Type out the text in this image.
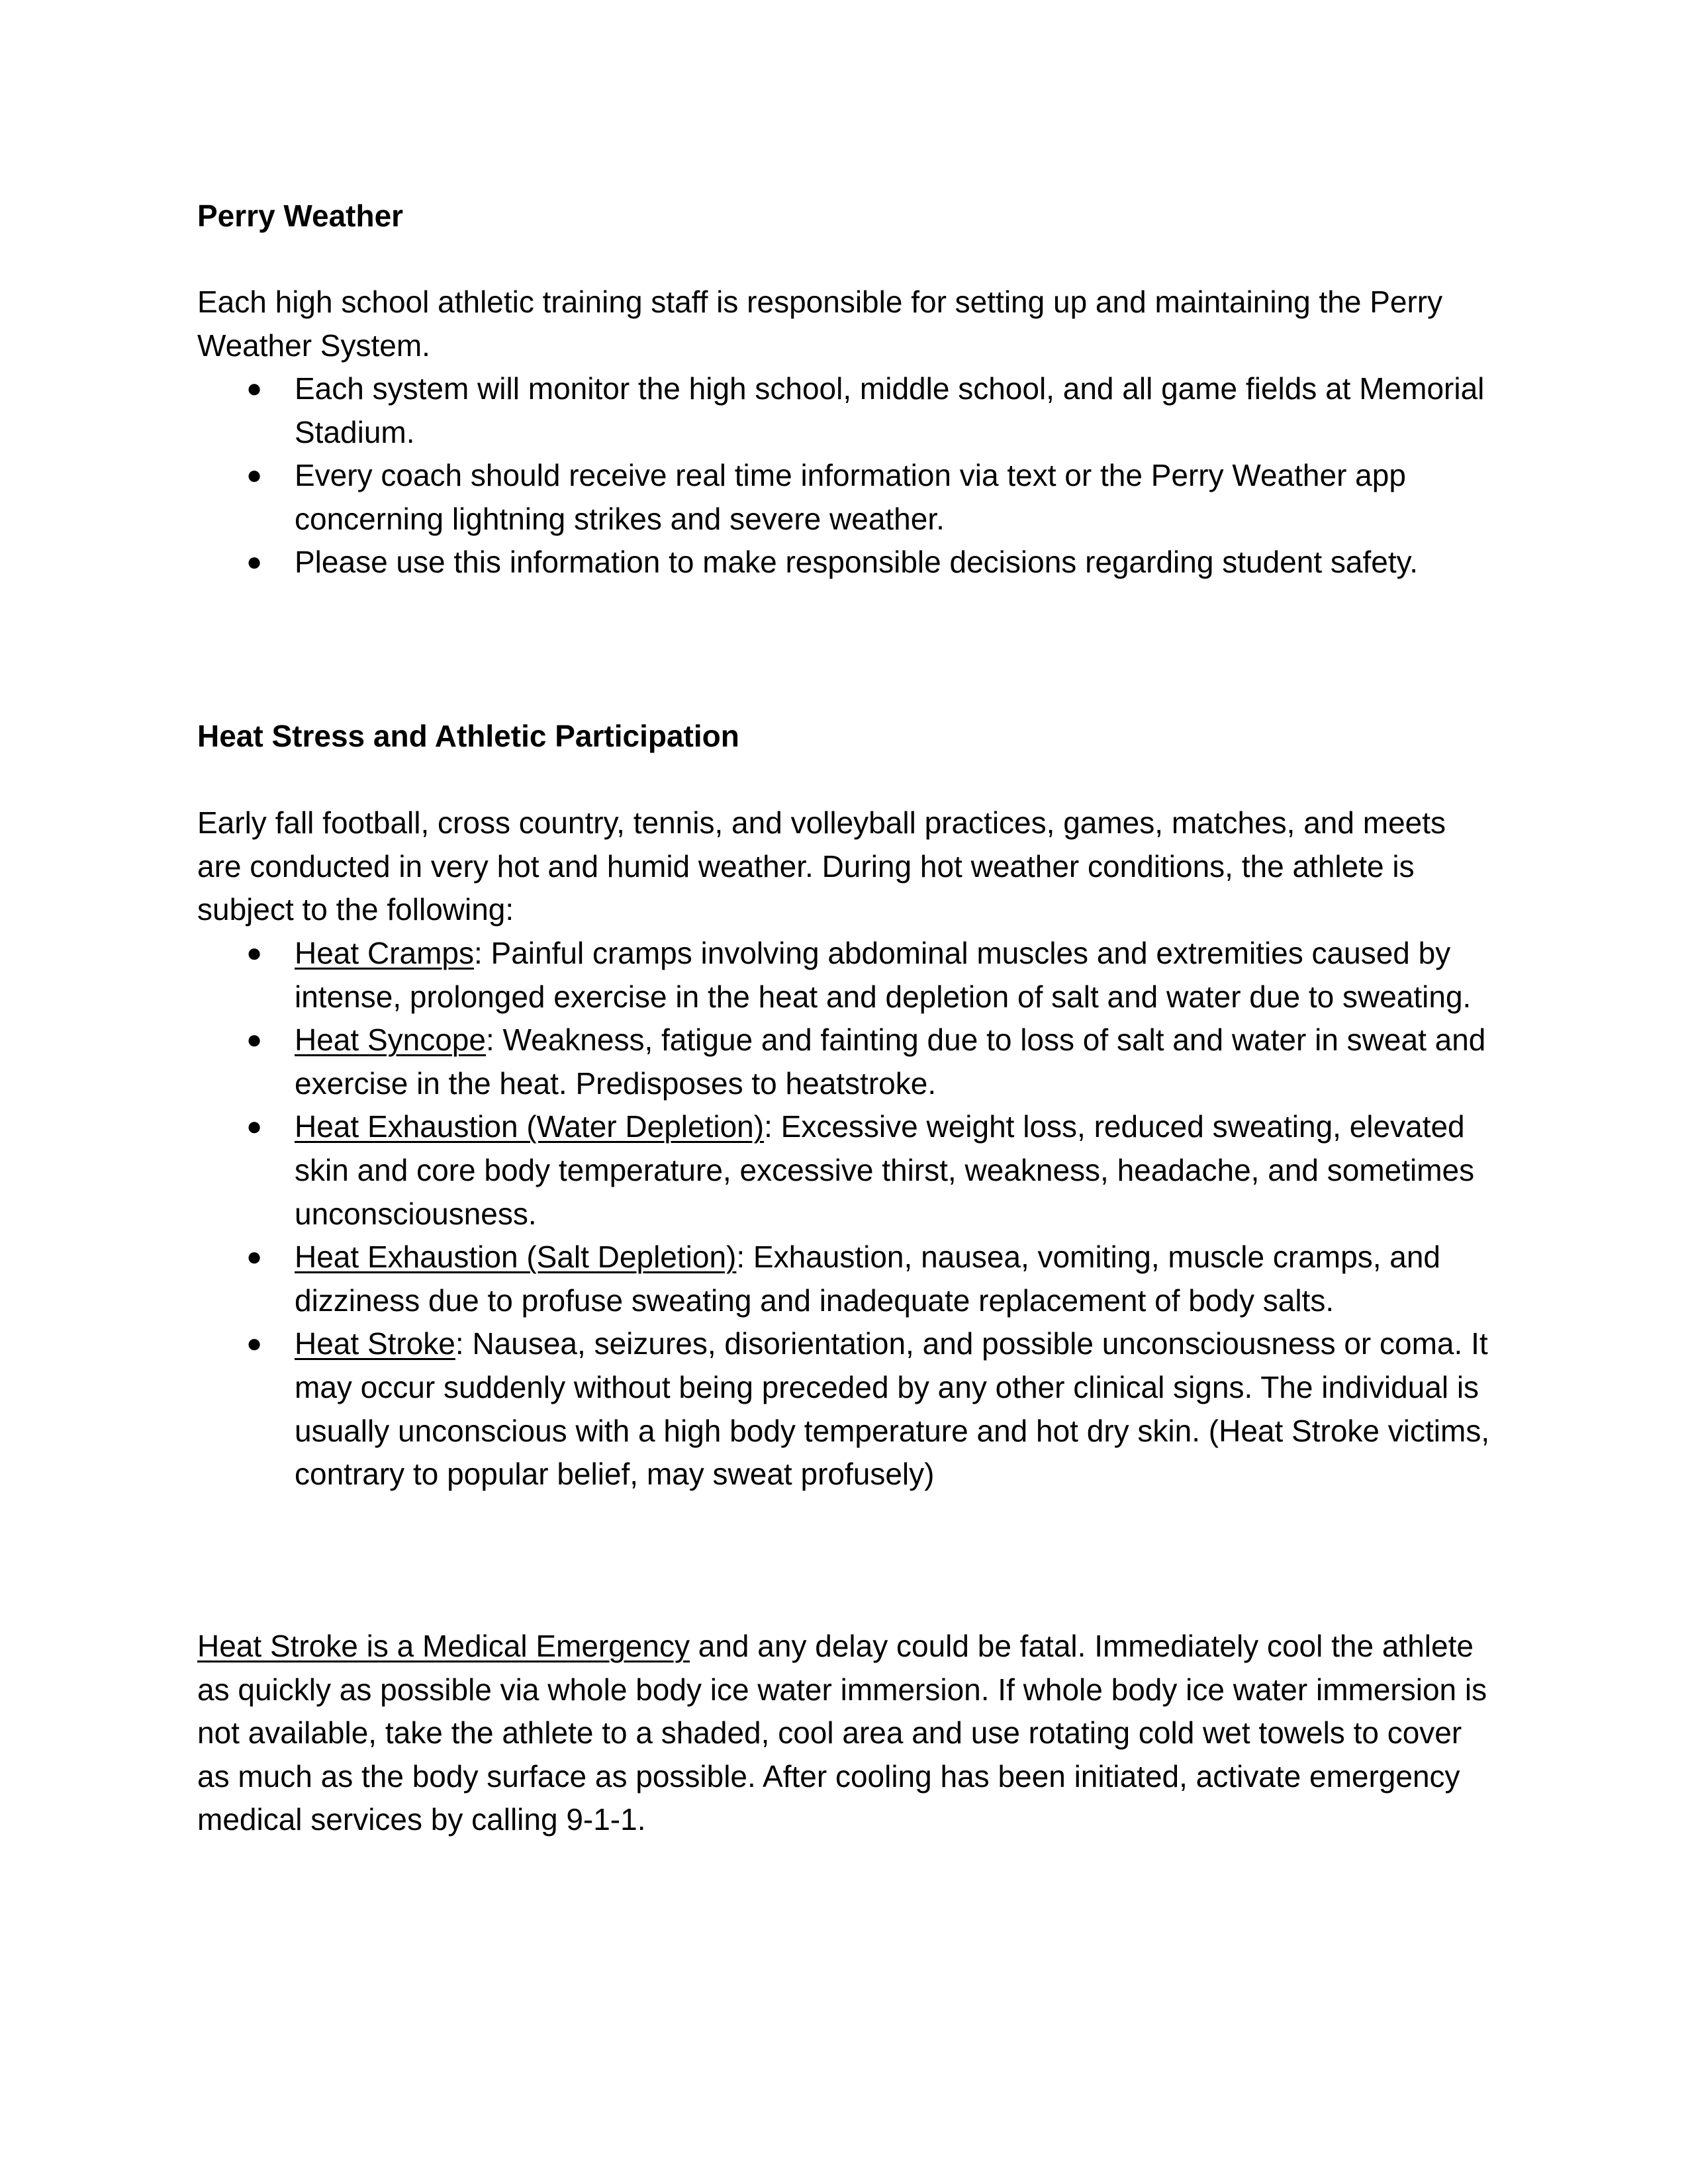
Perry Weather

Each high school athletic training staff is responsible for setting up and maintaining the Perry Weather System.

● Each system will monitor the high school, middle school, and all game fields at Memorial Stadium.
● Every coach should receive real time information via text or the Perry Weather app concerning lightning strikes and severe weather.
● Please use this information to make responsible decisions regarding student safety.
Heat Stress and Athletic Participation

Early fall football, cross country, tennis, and volleyball practices, games, matches, and meets are conducted in very hot and humid weather. During hot weather conditions, the athlete is subject to the following:

● Heat Cramps: Painful cramps involving abdominal muscles and extremities caused by intense, prolonged exercise in the heat and depletion of salt and water due to sweating.
● Heat Syncope: Weakness, fatigue and fainting due to loss of salt and water in sweat and exercise in the heat. Predisposes to heatstroke.
● Heat Exhaustion (Water Depletion): Excessive weight loss, reduced sweating, elevated skin and core body temperature, excessive thirst, weakness, headache, and sometimes unconsciousness.
● Heat Exhaustion (Salt Depletion): Exhaustion, nausea, vomiting, muscle cramps, and dizziness due to profuse sweating and inadequate replacement of body salts.
● Heat Stroke: Nausea, seizures, disorientation, and possible unconsciousness or coma. It may occur suddenly without being preceded by any other clinical signs. The individual is usually unconscious with a high body temperature and hot dry skin. (Heat Stroke victims, contrary to popular belief, may sweat profusely)

Heat Stroke is a Medical Emergency and any delay could be fatal. Immediately cool the athlete as quickly as possible via whole body ice water immersion. If whole body ice water immersion is not available, take the athlete to a shaded, cool area and use rotating cold wet towels to cover as much as the body surface as possible. After cooling has been initiated, activate emergency medical services by calling 9-1-1.
